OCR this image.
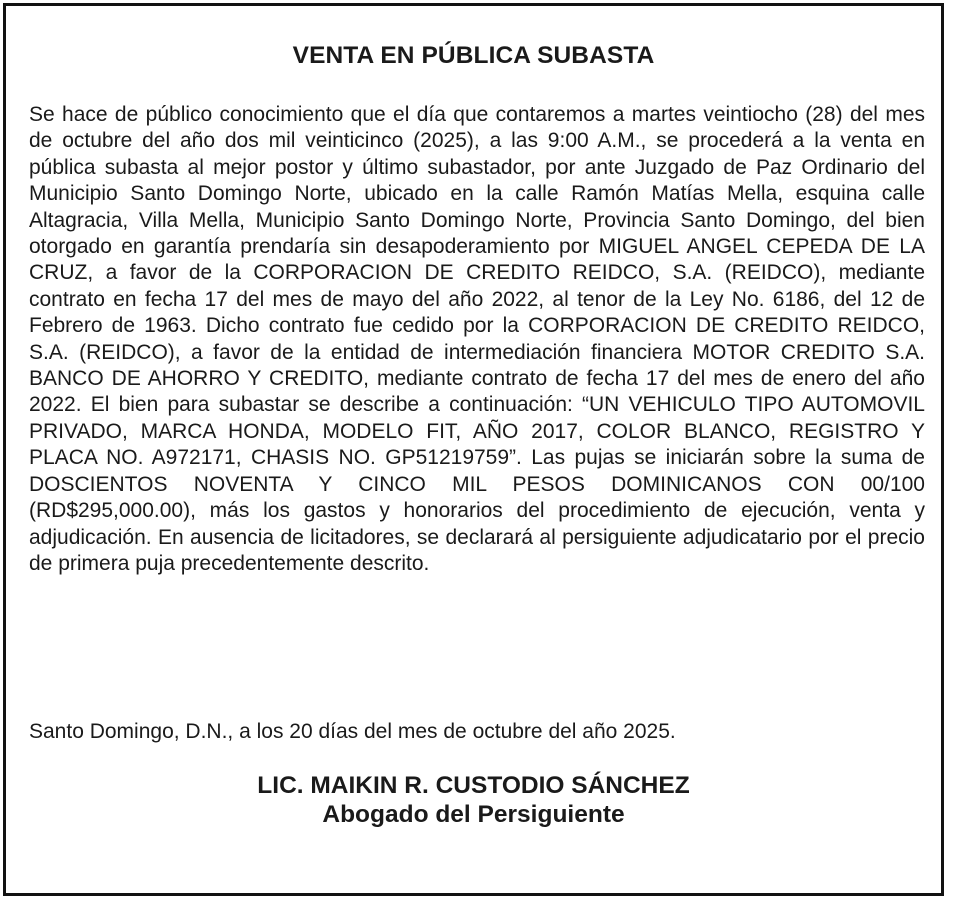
VENTA EN PÚBLICA SUBASTA

Se hace de público conocimiento que el día que contaremos a martes veintiocho (28) del mes de octubre del año dos mil veinticinco (2025), a las 9:00 A.M., se procederá a la venta en pública subasta al mejor postor y último subastador, por ante Juzgado de Paz Ordinario del Municipio Santo Domingo Norte, ubicado en la calle Ramón Matías Mella, esquina calle Altagracia, Villa Mella, Municipio Santo Domingo Norte, Provincia Santo Domingo, del bien otorgado en garantía prendaría sin desapoderamiento por MIGUEL ANGEL CEPEDA DE LA CRUZ, a favor de la CORPORACION DE CREDITO REIDCO, S.A. (REIDCO), mediante contrato en fecha 17 del mes de mayo del año 2022, al tenor de la Ley No. 6186, del 12 de Febrero de 1963. Dicho contrato fue cedido por la CORPORACION DE CREDITO REIDCO, S.A. (REIDCO), a favor de la entidad de intermediación financiera MOTOR CREDITO S.A. BANCO DE AHORRO Y CREDITO, mediante contrato de fecha 17 del mes de enero del año 2022. El bien para subastar se describe a continuación: “UN VEHICULO TIPO AUTOMOVIL PRIVADO, MARCA HONDA, MODELO FIT, AÑO 2017, COLOR BLANCO, REGISTRO Y PLACA NO. A972171, CHASIS NO. GP51219759”. Las pujas se iniciarán sobre la suma de DOSCIENTOS NOVENTA Y CINCO MIL PESOS DOMINICANOS CON 00/100 (RD$295,000.00), más los gastos y honorarios del procedimiento de ejecución, venta y adjudicación. En ausencia de licitadores, se declarará al persiguiente adjudicatario por el precio de primera puja precedentemente descrito.

Santo Domingo, D.N., a los 20 días del mes de octubre del año 2025.

LIC. MAIKIN R. CUSTODIO SÁNCHEZ
Abogado del Persiguiente
